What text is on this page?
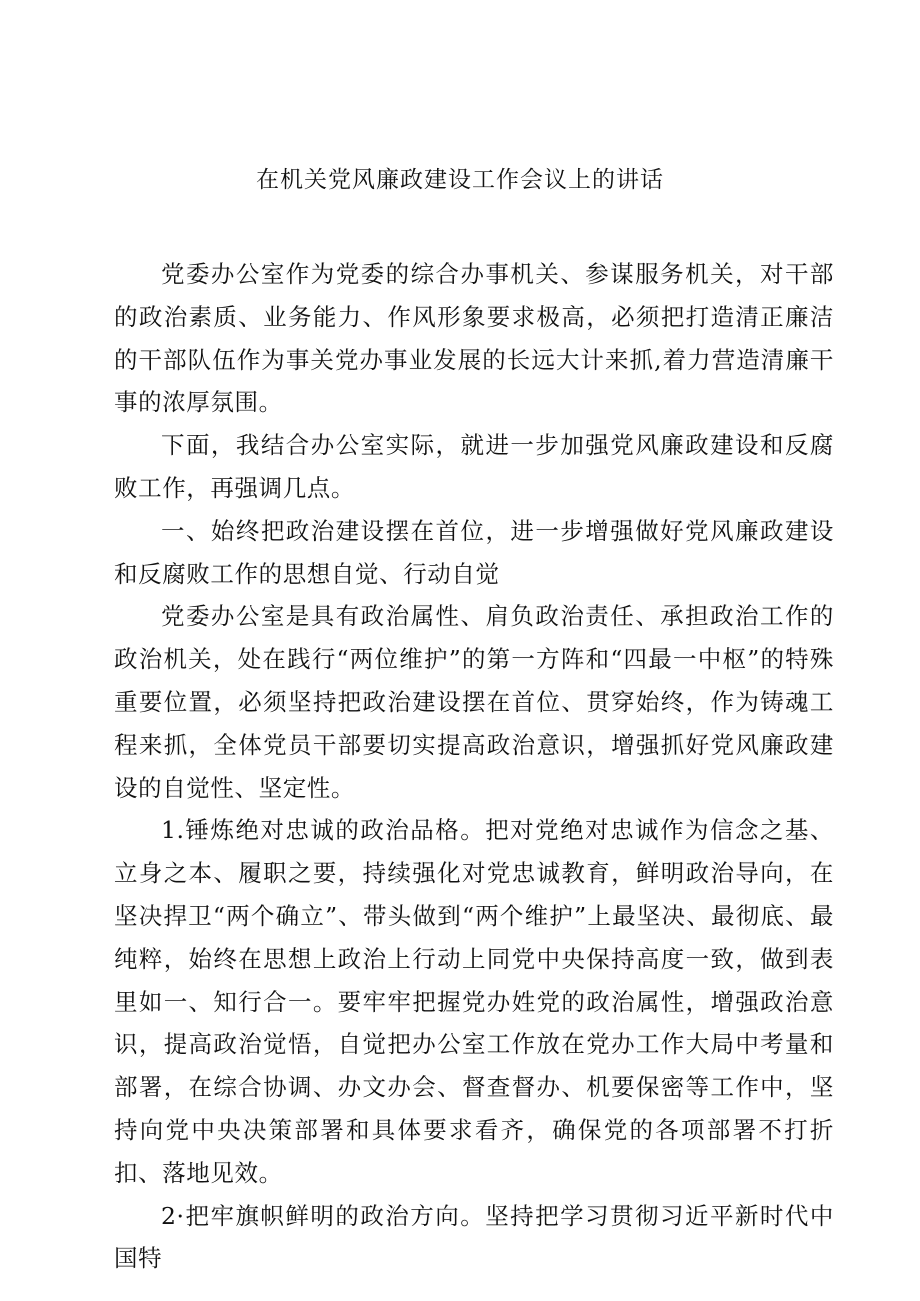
在机关党风廉政建设工作会议上的讲话

党委办公室作为党委的综合办事机关、参谋服务机关，对干部的政治素质、业务能力、作风形象要求极高，必须把打造清正廉洁的干部队伍作为事关党办事业发展的长远大计来抓,着力营造清廉干事的浓厚氛围。

下面，我结合办公室实际，就进一步加强党风廉政建设和反腐败工作，再强调几点。

一、始终把政治建设摆在首位，进一步增强做好党风廉政建设和反腐败工作的思想自觉、行动自觉

党委办公室是具有政治属性、肩负政治责任、承担政治工作的政治机关，处在践行“两位维护”的第一方阵和“四最一中枢”的特殊重要位置，必须坚持把政治建设摆在首位、贯穿始终，作为铸魂工程来抓，全体党员干部要切实提高政治意识，增强抓好党风廉政建设的自觉性、坚定性。

1.锤炼绝对忠诚的政治品格。把对党绝对忠诚作为信念之基、立身之本、履职之要，持续强化对党忠诚教育，鲜明政治导向，在坚决捍卫“两个确立”、带头做到“两个维护”上最坚决、最彻底、最纯粹，始终在思想上政治上行动上同党中央保持高度一致，做到表里如一、知行合一。要牢牢把握党办姓党的政治属性，增强政治意识，提高政治觉悟，自觉把办公室工作放在党办工作大局中考量和部署，在综合协调、办文办会、督查督办、机要保密等工作中，坚持向党中央决策部署和具体要求看齐，确保党的各项部署不打折扣、落地见效。

2·把牢旗帜鲜明的政治方向。坚持把学习贯彻习近平新时代中国特
